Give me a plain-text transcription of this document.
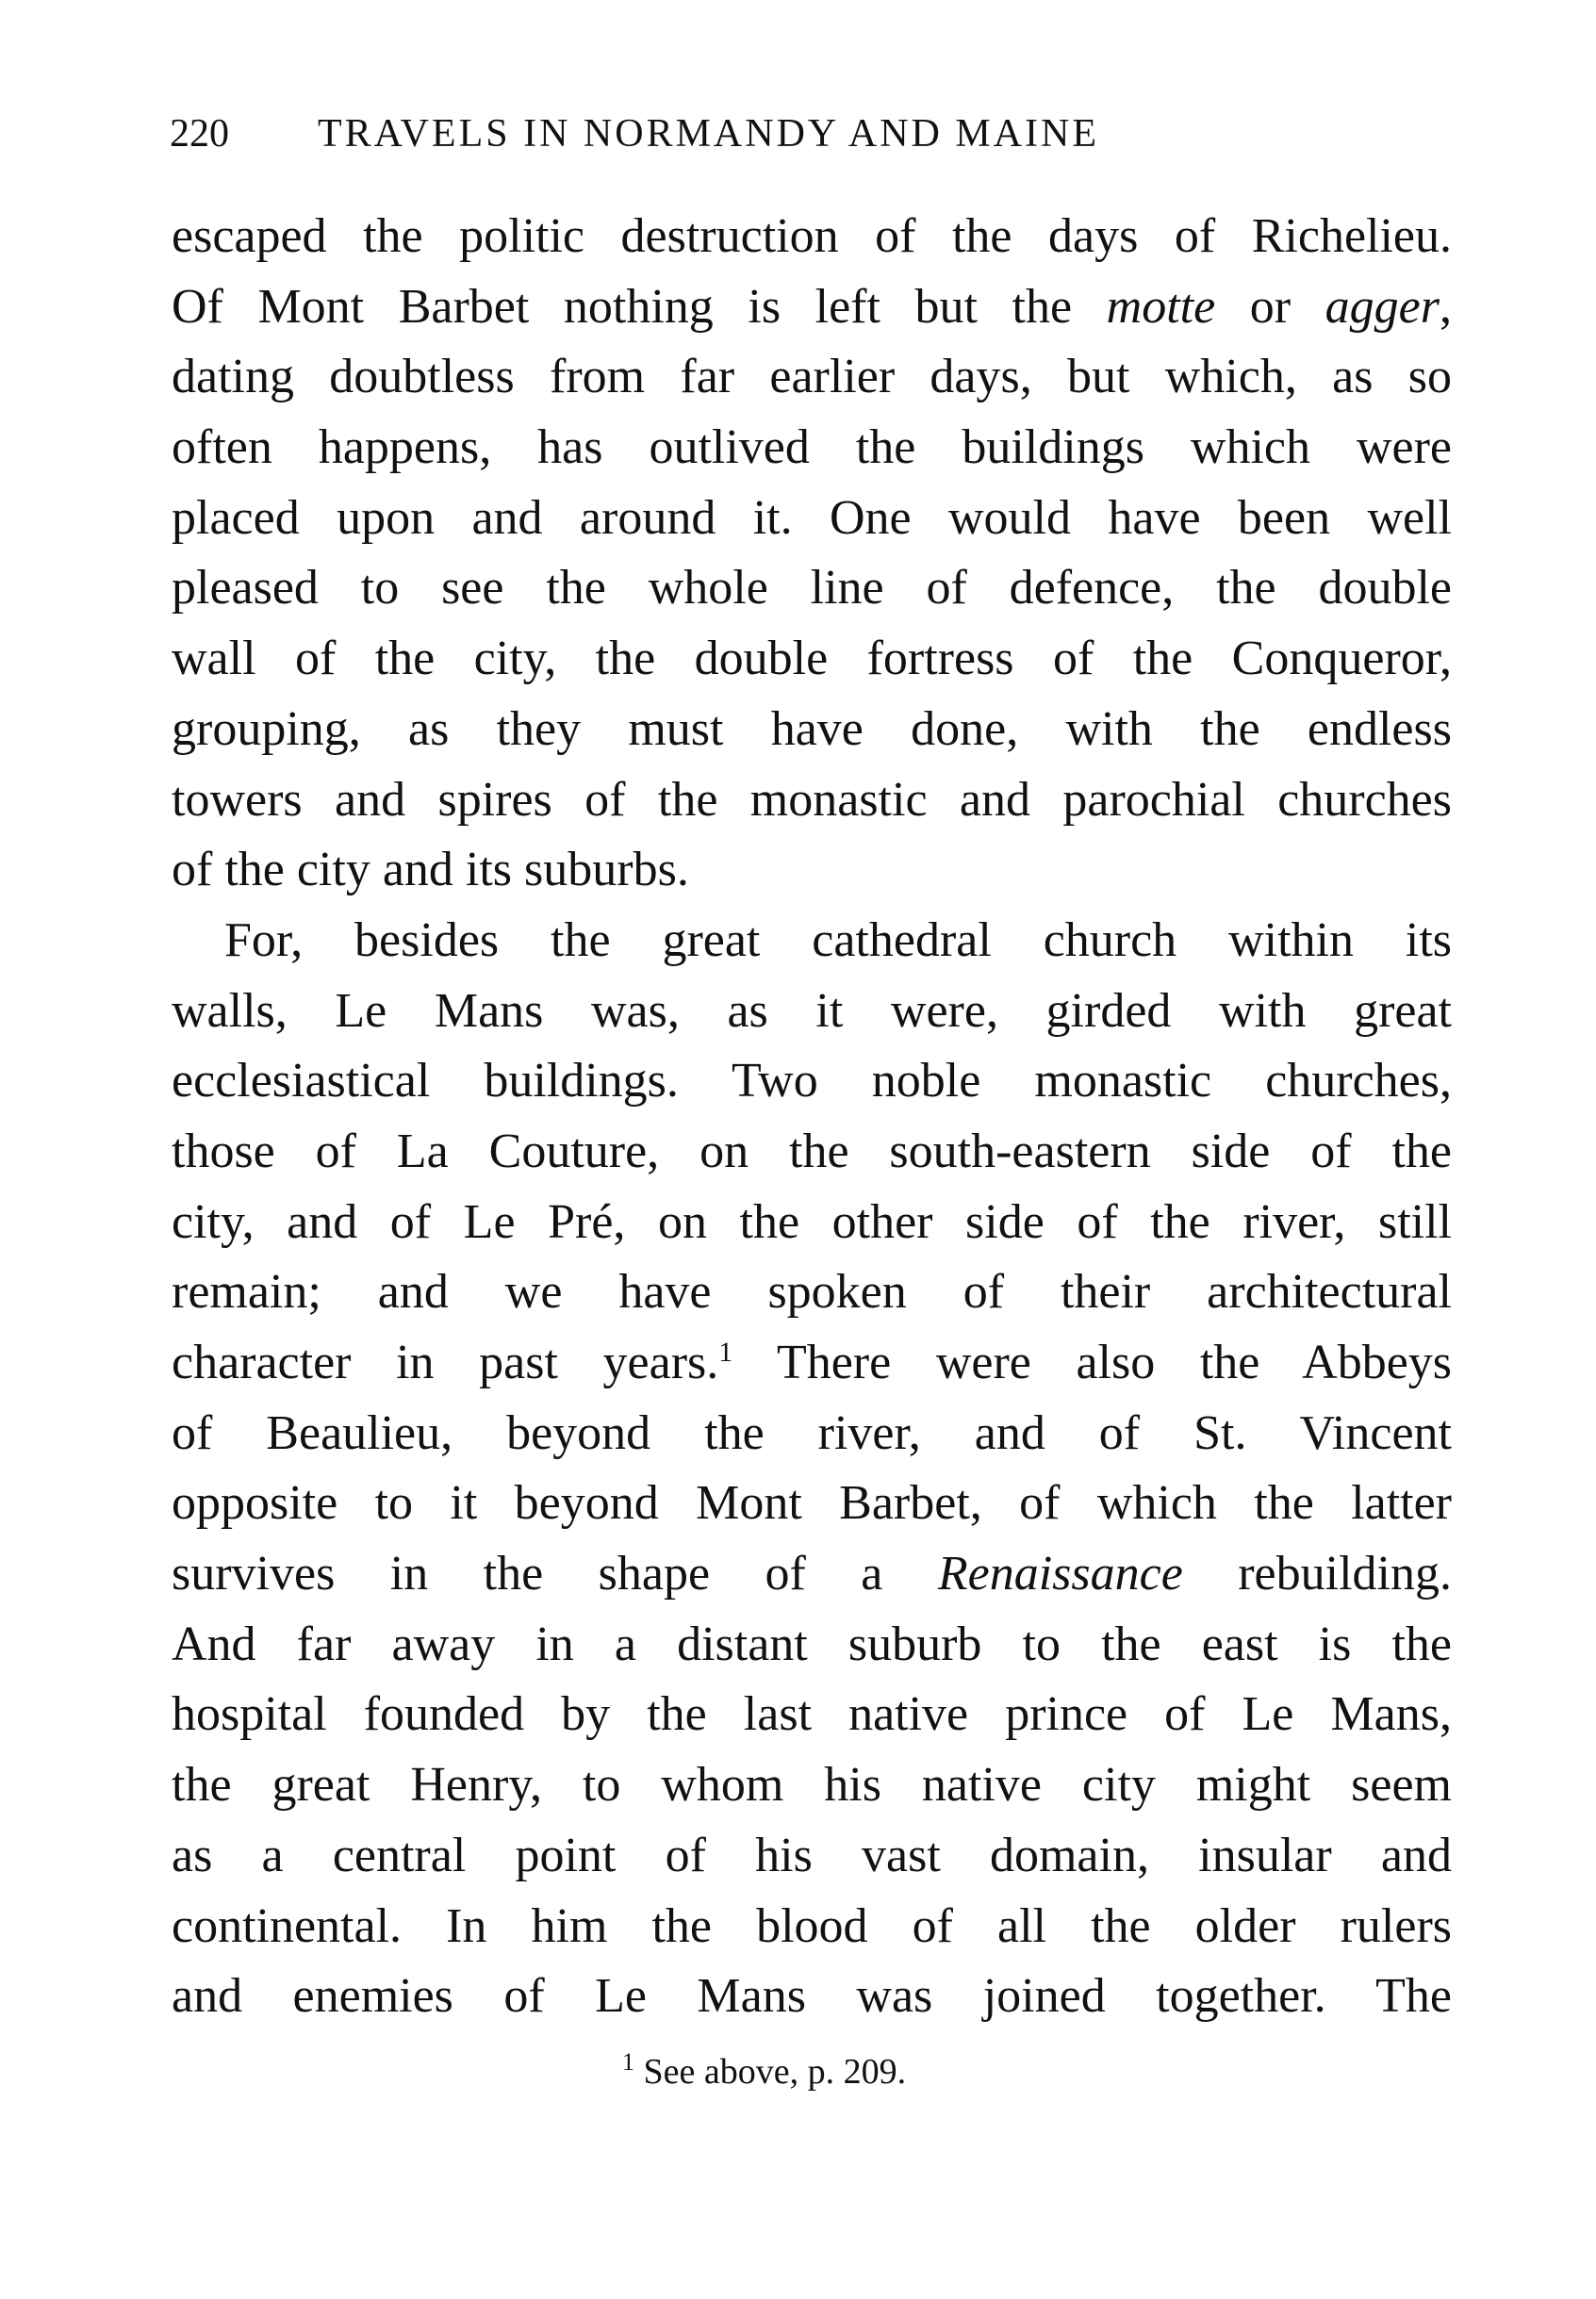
220 TRAVELS IN NORMANDY AND MAINE
escaped the politic destruction of the days of Richelieu.
Of Mont Barbet nothing is left but the motte or agger,
dating doubtless from far earlier days, but which, as so
often happens, has outlived the buildings which were
placed upon and around it. One would have been well
pleased to see the whole line of defence, the double
wall of the city, the double fortress of the Conqueror,
grouping, as they must have done, with the endless
towers and spires of the monastic and parochial churches
of the city and its suburbs.
For, besides the great cathedral church within its
walls, Le Mans was, as it were, girded with great
ecclesiastical buildings. Two noble monastic churches,
those of La Couture, on the south-eastern side of the
city, and of Le Pré, on the other side of the river, still
remain; and we have spoken of their architectural
character in past years.$^1$ There were also the Abbeys
of Beaulieu, beyond the river, and of St. Vincent
opposite to it beyond Mont Barbet, of which the latter
survives in the shape of a Renaissance rebuilding.
And far away in a distant suburb to the east is the
hospital founded by the last native prince of Le Mans,
the great Henry, to whom his native city might seem
as a central point of his vast domain, insular and
continental. In him the blood of all the older rulers
and enemies of Le Mans was joined together. The
$^1$ See above, p. 209.
